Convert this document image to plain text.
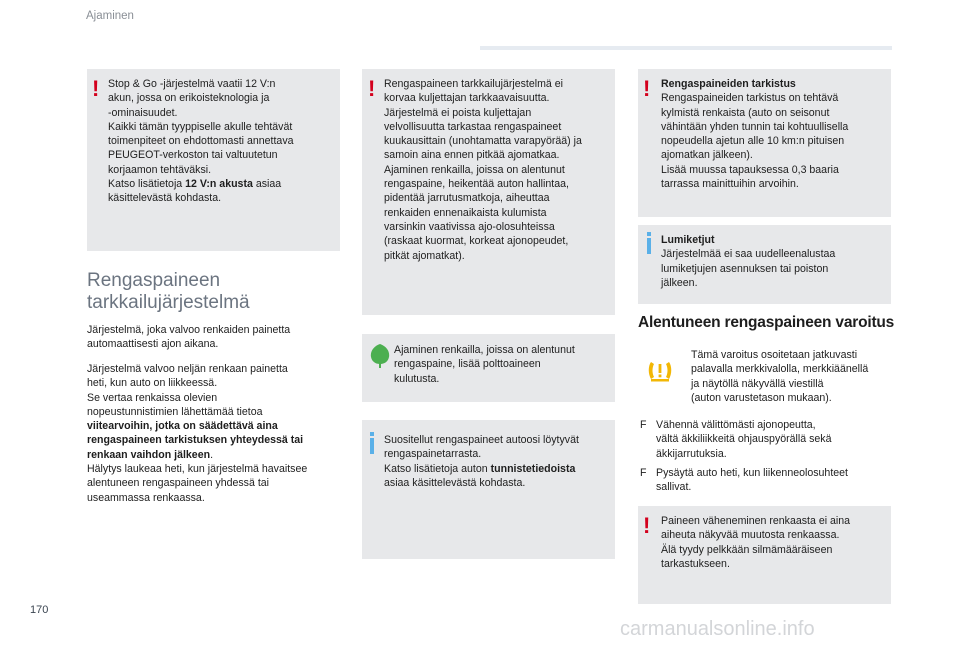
Ajaminen
! Stop & Go -järjestelmä vaatii 12 V:n
akun, jossa on erikoisteknologia ja
-ominaisuudet.
Kaikki tämän tyyppiselle akulle tehtävät
toimenpiteet on ehdottomasti annettava
PEUGEOT-verkoston tai valtuutetun
korjaamon tehtäväksi.
Katso lisätietoja 12 V:n akusta asiaa
käsittelevästä kohdasta.
Rengaspaineen
tarkkailujärjestelmä
Järjestelmä, joka valvoo renkaiden painetta
automaattisesti ajon aikana.
Järjestelmä valvoo neljän renkaan painetta
heti, kun auto on liikkeessä.
Se vertaa renkaissa olevien
nopeustunnistimien lähettämää tietoa
viitearvoihin, jotka on säädettävä aina
rengaspaineen tarkistuksen yhteydessä tai
renkaan vaihdon jälkeen.
Hälytys laukeaa heti, kun järjestelmä havaitsee
alentuneen rengaspaineen yhdessä tai
useammassa renkaassa.
! Rengaspaineen tarkkailujärjestelmä ei
korvaa kuljettajan tarkkaavaisuutta.
Järjestelmä ei poista kuljettajan
velvollisuutta tarkastaa rengaspaineet
kuukausittain (unohtamatta varapyörää) ja
samoin aina ennen pitkää ajomatkaa.
Ajaminen renkailla, joissa on alentunut
rengaspaine, heikentää auton hallintaa,
pidentää jarrutusmatkoja, aiheuttaa
renkaiden ennenaikaista kulumista
varsinkin vaativissa ajo-olosuhteissa
(raskaat kuormat, korkeat ajonopeudet,
pitkät ajomatkat).
Ajaminen renkailla, joissa on alentunut
rengaspaine, lisää polttoaineen
kulutusta.
Suositellut rengaspaineet autoosi löytyvät
rengaspainetarrasta.
Katso lisätietoja auton tunnistetiedoista
asiaa käsittelevästä kohdasta.
! Rengaspaineiden tarkistus
Rengaspaineiden tarkistus on tehtävä
kylmistä renkaista (auto on seisonut
vähintään yhden tunnin tai kohtuullisella
nopeudella ajetun alle 10 km:n pituisen
ajomatkan jälkeen).
Lisää muussa tapauksessa 0,3 baaria
tarrassa mainittuihin arvoihin.
Lumiketjut
Järjestelmää ei saa uudelleenalustaa
lumiketjujen asennuksen tai poiston
jälkeen.
Alentuneen rengaspaineen varoitus
Tämä varoitus osoitetaan jatkuvasti
palavalla merkkivalolla, merkkiäänellä
ja näytöllä näkyvällä viestillä
(auton varustetason mukaan).
F Vähennä välittömästi ajonopeutta,
vältä äkkiliikkeitä ohjauspyörällä sekä
äkkijarrutuksia.
F Pysäytä auto heti, kun liikenneolosuhteet
sallivat.
! Paineen väheneminen renkaasta ei aina
aiheuta näkyvää muutosta renkaassa.
Älä tyydy pelkkään silmämääräiseen
tarkastukseen.
170
carmanualsonline.info
